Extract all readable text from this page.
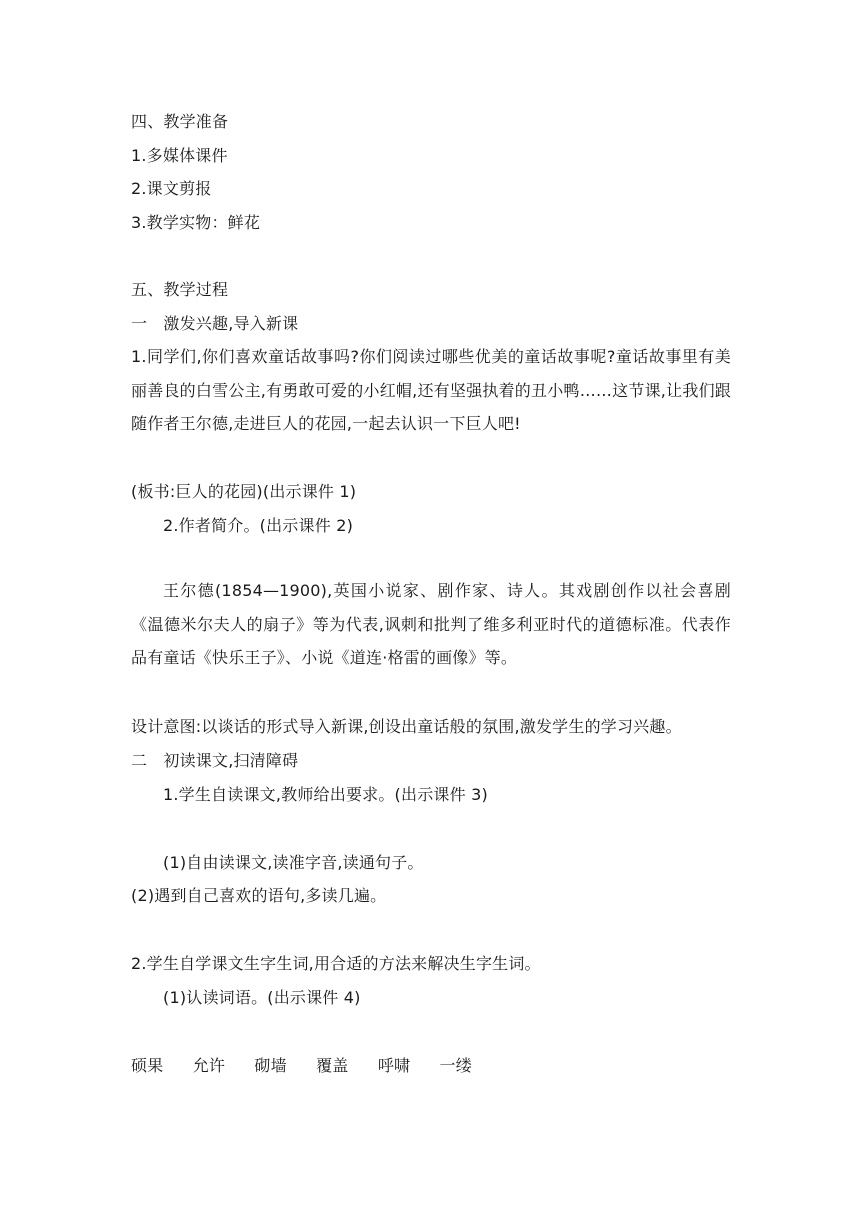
四、教学准备
1.多媒体课件
2.课文剪报
3.教学实物：鲜花
五、教学过程
一　激发兴趣,导入新课
1.同学们,你们喜欢童话故事吗?你们阅读过哪些优美的童话故事呢?童话故事里有美丽善良的白雪公主,有勇敢可爱的小红帽,还有坚强执着的丑小鸭……这节课,让我们跟随作者王尔德,走进巨人的花园,一起去认识一下巨人吧!
(板书:巨人的花园)(出示课件 1)
2.作者简介。(出示课件 2)
王尔德(1854—1900),英国小说家、剧作家、诗人。其戏剧创作以社会喜剧《温德米尔夫人的扇子》等为代表,讽刺和批判了维多利亚时代的道德标准。代表作品有童话《快乐王子》、小说《道连·格雷的画像》等。
设计意图:以谈话的形式导入新课,创设出童话般的氛围,激发学生的学习兴趣。
二　初读课文,扫清障碍
1.学生自读课文,教师给出要求。(出示课件 3)
(1)自由读课文,读准字音,读通句子。
(2)遇到自己喜欢的语句,多读几遍。
2.学生自学课文生字生词,用合适的方法来解决生字生词。
(1)认读词语。(出示课件 4)
硕果 允许 砌墙 覆盖 呼啸 一缕
